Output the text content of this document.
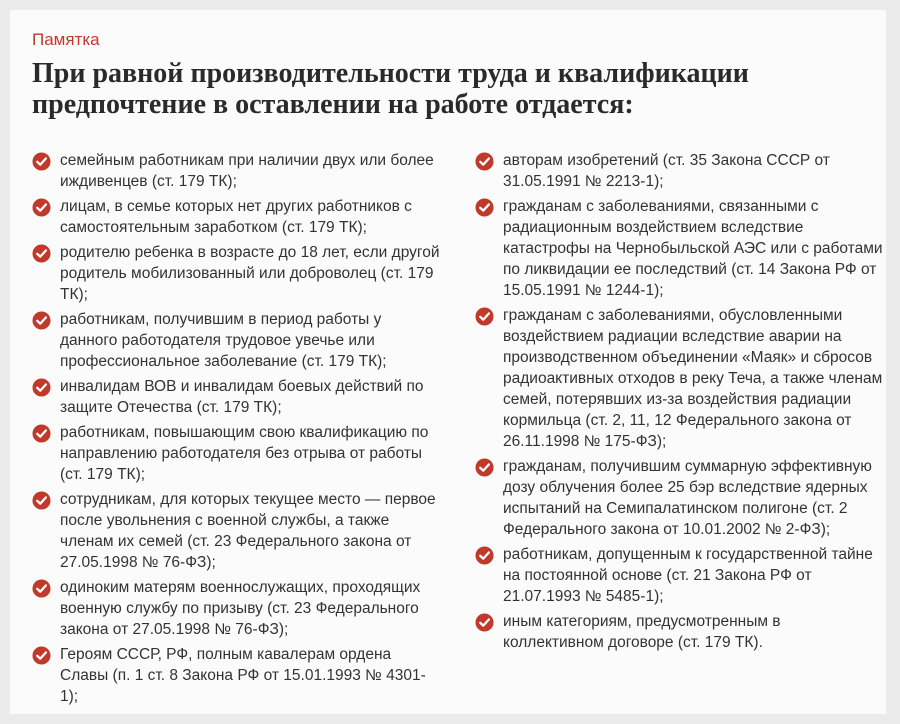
Памятка
При равной производительности труда и квалификации предпочтение в оставлении на работе отдается:
семейным работникам при наличии двух или более иждивенцев (ст. 179 ТК);
лицам, в семье которых нет других работников с самостоятельным заработком (ст. 179 ТК);
родителю ребенка в возрасте до 18 лет, если другой родитель мобилизованный или доброволец (ст. 179 ТК);
работникам, получившим в период работы у данного работодателя трудовое увечье или профессиональное заболевание (ст. 179 ТК);
инвалидам ВОВ и инвалидам боевых действий по защите Отечества (ст. 179 ТК);
работникам, повышающим свою квалификацию по направлению работодателя без отрыва от работы (ст. 179 ТК);
сотрудникам, для которых текущее место — первое после увольнения с военной службы, а также членам их семей (ст. 23 Федерального закона от 27.05.1998 № 76-ФЗ);
одиноким матерям военнослужащих, проходящих военную службу по призыву (ст. 23 Федерального закона от 27.05.1998 № 76-ФЗ);
Героям СССР, РФ, полным кавалерам ордена Славы (п. 1 ст. 8 Закона РФ от 15.01.1993 № 4301-1);
авторам изобретений (ст. 35 Закона СССР от 31.05.1991 № 2213-1);
гражданам с заболеваниями, связанными с радиационным воздействием вследствие катастрофы на Чернобыльской АЭС или с работами по ликвидации ее последствий (ст. 14 Закона РФ от 15.05.1991 № 1244-1);
гражданам с заболеваниями, обусловленными воздействием радиации вследствие аварии на производственном объединении «Маяк» и сбросов радиоактивных отходов в реку Теча, а также членам семей, потерявших из-за воздействия радиации кормильца (ст. 2, 11, 12 Федерального закона от 26.11.1998 № 175-ФЗ);
гражданам, получившим суммарную эффективную дозу облучения более 25 бэр вследствие ядерных испытаний на Семипалатинском полигоне (ст. 2 Федерального закона от 10.01.2002 № 2-ФЗ);
работникам, допущенным к государственной тайне на постоянной основе (ст. 21 Закона РФ от 21.07.1993 № 5485-1);
иным категориям, предусмотренным в коллективном договоре (ст. 179 ТК).
